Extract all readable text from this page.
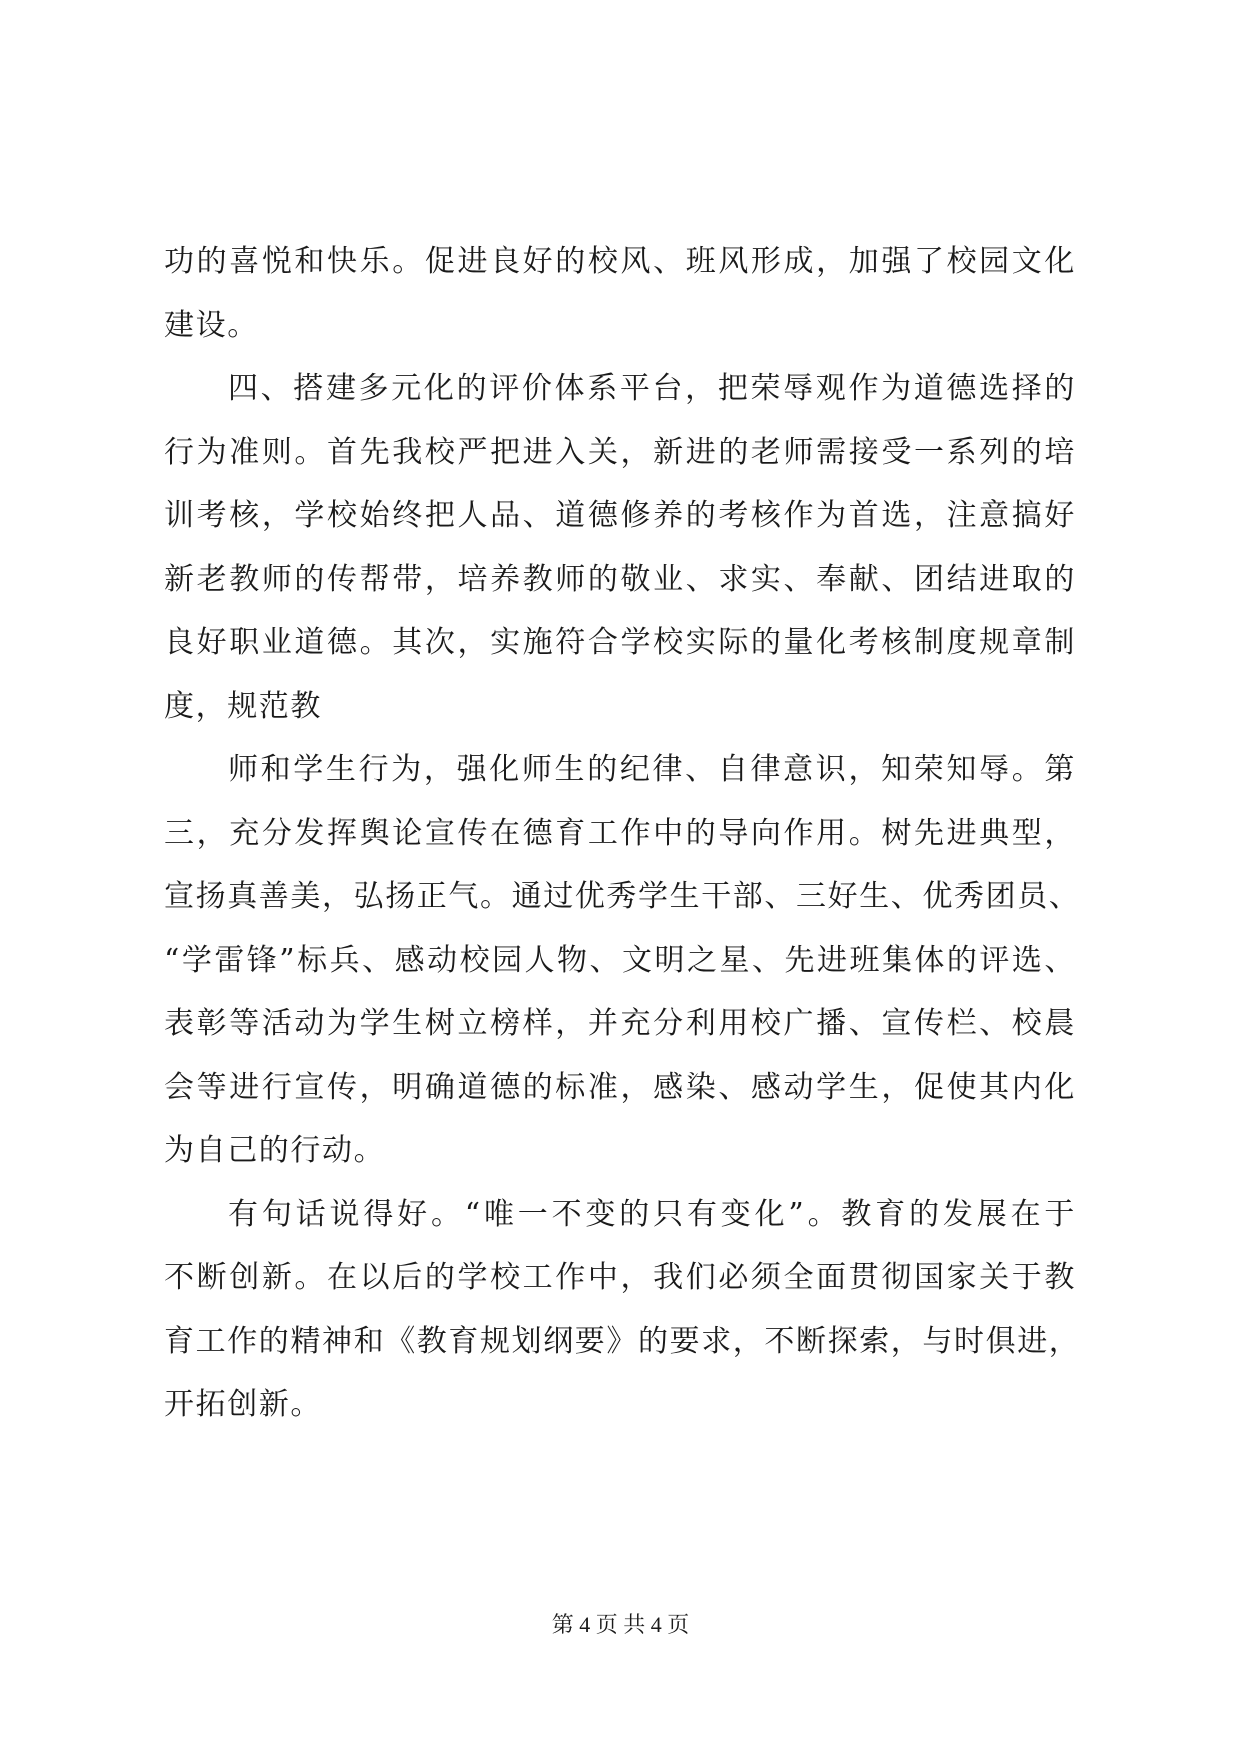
功的喜悦和快乐。促进良好的校风、班风形成，加强了校园文化
建设。
四、搭建多元化的评价体系平台，把荣辱观作为道德选择的
行为准则。首先我校严把进入关，新进的老师需接受一系列的培
训考核，学校始终把人品、道德修养的考核作为首选，注意搞好
新老教师的传帮带，培养教师的敬业、求实、奉献、团结进取的
良好职业道德。其次，实施符合学校实际的量化考核制度规章制
度，规范教
师和学生行为，强化师生的纪律、自律意识，知荣知辱。第
三，充分发挥舆论宣传在德育工作中的导向作用。树先进典型，
宣扬真善美，弘扬正气。通过优秀学生干部、三好生、优秀团员、
“学雷锋”标兵、感动校园人物、文明之星、先进班集体的评选、
表彰等活动为学生树立榜样，并充分利用校广播、宣传栏、校晨
会等进行宣传，明确道德的标准，感染、感动学生，促使其内化
为自己的行动。
有句话说得好。“唯一不变的只有变化”。教育的发展在于
不断创新。在以后的学校工作中，我们必须全面贯彻国家关于教
育工作的精神和《教育规划纲要》的要求，不断探索，与时俱进，
开拓创新。
第 4 页 共 4 页
